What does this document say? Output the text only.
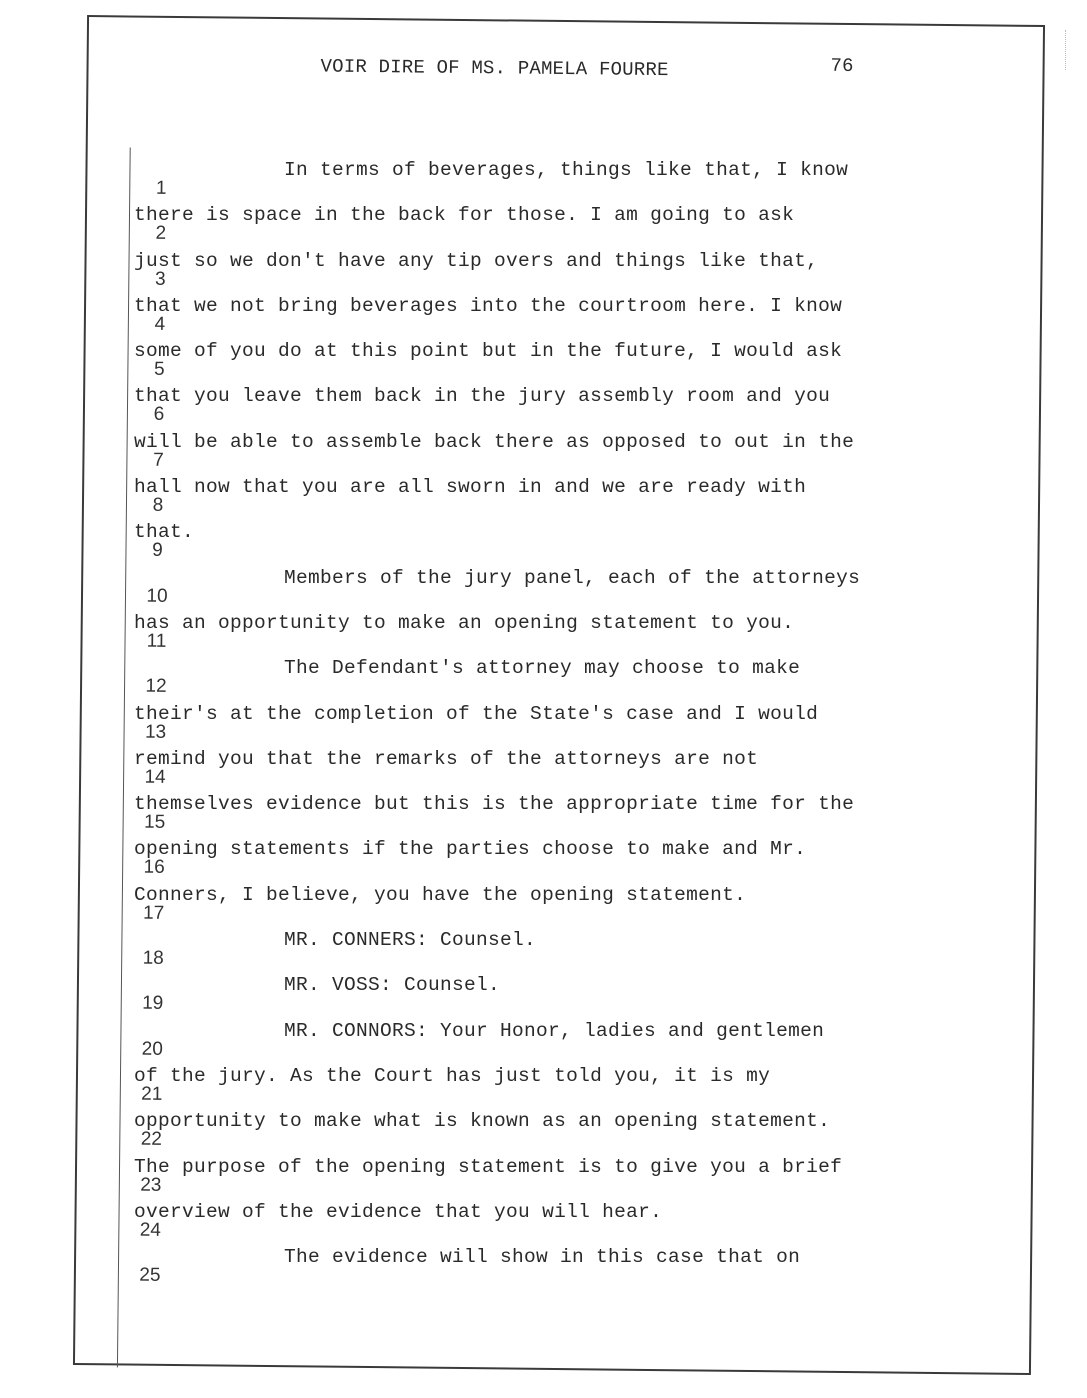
VOIR DIRE OF MS. PAMELA FOURRE	76
1
2
3
4
5
6
7
8
9
10
11
12
13
14
15
16
17
18
19
20
21
22
23
24
25
In terms of beverages, things like that, I know
there is space in the back for those. I am going to ask
just so we don't have any tip overs and things like that,
that we not bring beverages into the courtroom here. I know
some of you do at this point but in the future, I would ask
that you leave them back in the jury assembly room and you
will be able to assemble back there as opposed to out in the
hall now that you are all sworn in and we are ready with
that.
Members of the jury panel, each of the attorneys
has an opportunity to make an opening statement to you.
The Defendant's attorney may choose to make
their's at the completion of the State's case and I would
remind you that the remarks of the attorneys are not
themselves evidence but this is the appropriate time for the
opening statements if the parties choose to make and Mr.
Conners, I believe, you have the opening statement.
MR. CONNERS: Counsel.
MR. VOSS: Counsel.
MR. CONNORS: Your Honor, ladies and gentlemen
of the jury. As the Court has just told you, it is my
opportunity to make what is known as an opening statement.
The purpose of the opening statement is to give you a brief
overview of the evidence that you will hear.
The evidence will show in this case that on
